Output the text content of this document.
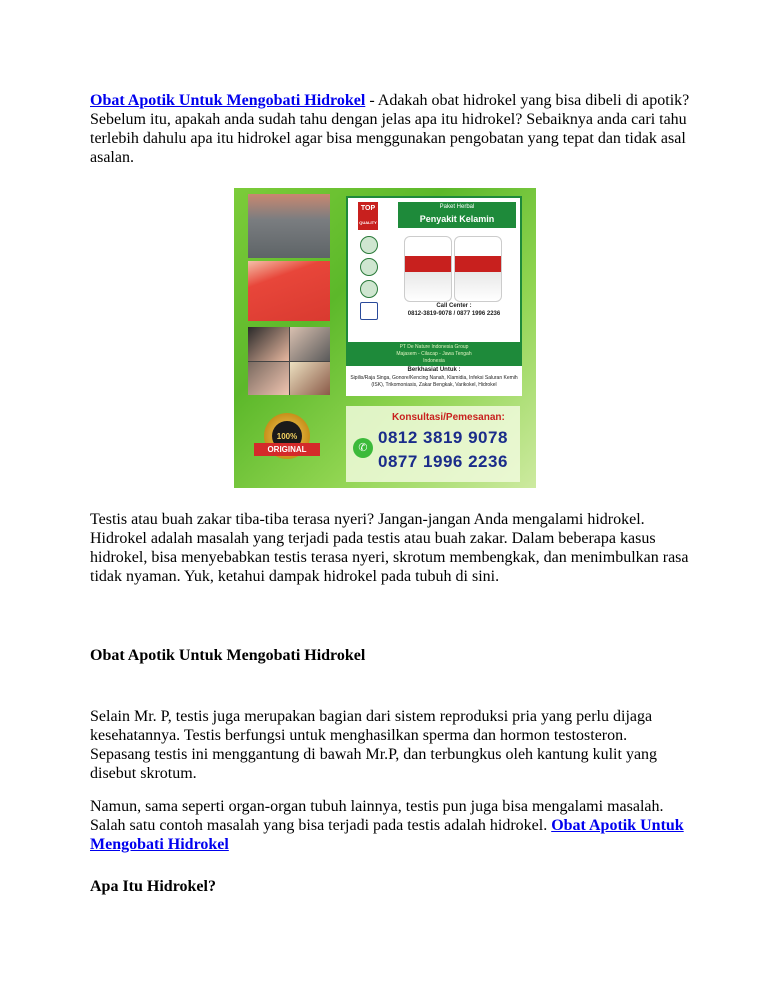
Obat Apotik Untuk Mengobati Hidrokel - Adakah obat hidrokel yang bisa dibeli di apotik? Sebelum itu, apakah anda sudah tahu dengan jelas apa itu hidrokel? Sebaiknya anda cari tahu terlebih dahulu apa itu hidrokel agar bisa menggunakan pengobatan yang tepat dan tidak asal asalan.

100%
ORIGINAL
TOP
QUALITY
Paket Herbal
Penyakit Kelamin
Call Center :
0812-3819-9078 / 0877 1996 2236
PT De Nature Indonesia Group
Majasem - Cilacap - Jawa Tengah
Indonesia
Berkhasiat Untuk :
Sipilis/Raja Singa, Gonore/Kencing Nanah, Klamidia, Infeksi Saluran Kemih (ISK), Trikomoniasis, Zakar Bengkak, Varikokel, Hidrokel
Konsultasi/Pemesanan:
✆
0812 3819 9078
0877 1996 2236

Testis atau buah zakar tiba-tiba terasa nyeri? Jangan-jangan Anda mengalami hidrokel. Hidrokel adalah masalah yang terjadi pada testis atau buah zakar. Dalam beberapa kasus hidrokel, bisa menyebabkan testis terasa nyeri, skrotum membengkak, dan menimbulkan rasa tidak nyaman. Yuk, ketahui dampak hidrokel pada tubuh di sini.

Obat Apotik Untuk Mengobati Hidrokel

Selain Mr. P, testis juga merupakan bagian dari sistem reproduksi pria yang perlu dijaga kesehatannya. Testis berfungsi untuk menghasilkan sperma dan hormon testosteron. Sepasang testis ini menggantung di bawah Mr.P, dan terbungkus oleh kantung kulit yang disebut skrotum.

Namun, sama seperti organ-organ tubuh lainnya, testis pun juga bisa mengalami masalah. Salah satu contoh masalah yang bisa terjadi pada testis adalah hidrokel. Obat Apotik Untuk Mengobati Hidrokel

Apa Itu Hidrokel?
